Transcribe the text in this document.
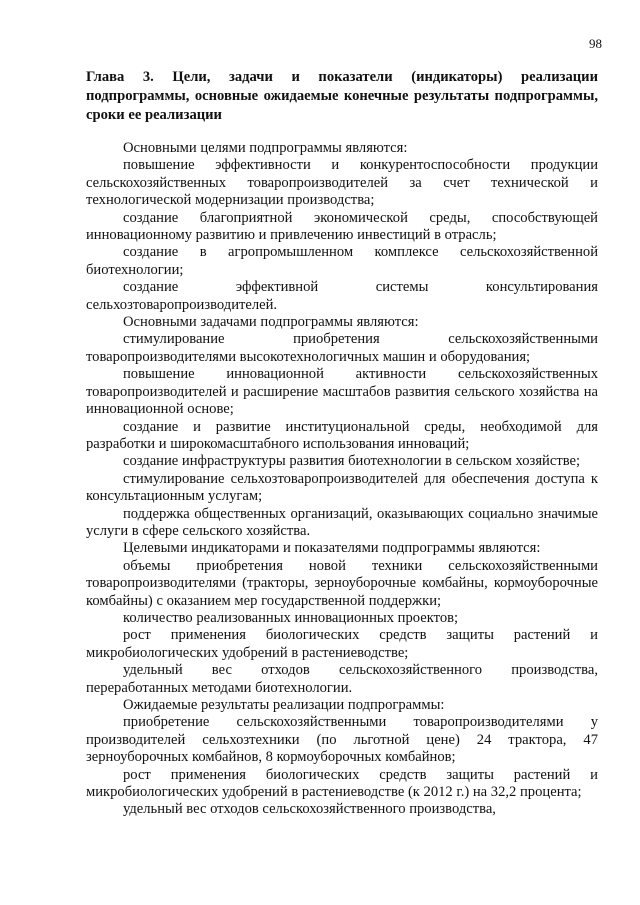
98
Глава 3. Цели, задачи и показатели (индикаторы) реализации подпрограммы, основные ожидаемые конечные результаты подпрограммы, сроки ее реализации

Основными целями подпрограммы являются:

повышение эффективности и конкурентоспособности продукции сельскохозяйственных товаропроизводителей за счет технической и технологической модернизации производства;

создание благоприятной экономической среды, способствующей инновационному развитию и привлечению инвестиций в отрасль;

создание в агропромышленном комплексе сельскохозяйственной биотехнологии;

создание эффективной системы консультирования сельхозтоваропроизводителей.

Основными задачами подпрограммы являются:

стимулирование приобретения сельскохозяйственными товаропроизводителями высокотехнологичных машин и оборудования;

повышение инновационной активности сельскохозяйственных товаропроизводителей и расширение масштабов развития сельского хозяйства на инновационной основе;

создание и развитие институциональной среды, необходимой для разработки и широкомасштабного использования инноваций;

создание инфраструктуры развития биотехнологии в сельском хозяйстве;

стимулирование сельхозтоваропроизводителей для обеспечения доступа к консультационным услугам;

поддержка общественных организаций, оказывающих социально значимые услуги в сфере сельского хозяйства.

Целевыми индикаторами и показателями подпрограммы являются:

объемы приобретения новой техники сельскохозяйственными товаропроизводителями (тракторы, зерноуборочные комбайны, кормоуборочные комбайны) с оказанием мер государственной поддержки;

количество реализованных инновационных проектов;

рост применения биологических средств защиты растений и микробиологических удобрений в растениеводстве;

удельный вес отходов сельскохозяйственного производства, переработанных методами биотехнологии.

Ожидаемые результаты реализации подпрограммы:

приобретение сельскохозяйственными товаропроизводителями у производителей сельхозтехники (по льготной цене) 24 трактора, 47 зерноуборочных комбайнов, 8 кормоуборочных комбайнов;

рост применения биологических средств защиты растений и микробиологических удобрений в растениеводстве (к 2012 г.) на 32,2 процента;

удельный вес отходов сельскохозяйственного производства,
